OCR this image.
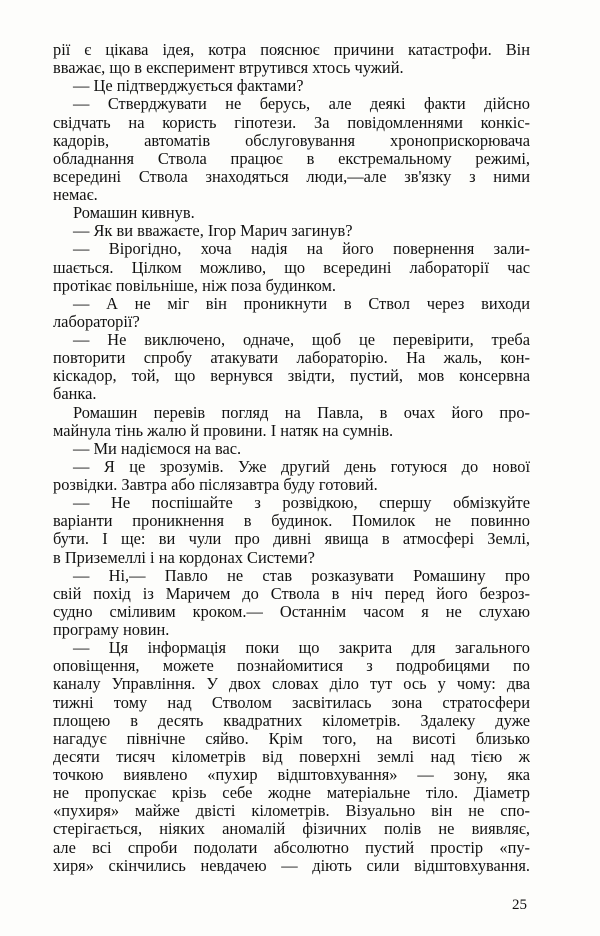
рії є цікава ідея, котра пояснює причини катастрофи. Він
вважає, що в експеримент втрутився хтось чужий.
— Це підтверджується фактами?
— Стверджувати не берусь, але деякі факти дійсно
свідчать на користь гіпотези. За повідомленнями конкіс-
кадорів, автоматів обслуговування хроноприскорювача
обладнання Ствола працює в екстремальному режимі,
всередині Ствола знаходяться люди,—але зв'язку з ними
немає.
Ромашин кивнув.
— Як ви вважаєте, Ігор Марич загинув?
— Вірогідно, хоча надія на його повернення зали-
шається. Цілком можливо, що всередині лабораторії час
протікає повільніше, ніж поза будинком.
— А не міг він проникнути в Ствол через виходи
лабораторії?
— Не виключено, одначе, щоб це перевірити, треба
повторити спробу атакувати лабораторію. На жаль, кон-
кіскадор, той, що вернувся звідти, пустий, мов консервна
банка.
Ромашин перевів погляд на Павла, в очах його про-
майнула тінь жалю й провини. І натяк на сумнів.
— Ми надіємося на вас.
— Я це зрозумів. Уже другий день готуюся до нової
розвідки. Завтра або післязавтра буду готовий.
— Не поспішайте з розвідкою, спершу обмізкуйте
варіанти проникнення в будинок. Помилок не повинно
бути. І ще: ви чули про дивні явища в атмосфері Землі,
в Приземеллі і на кордонах Системи?
— Ні,— Павло не став розказувати Ромашину про
свій похід із Маричем до Ствола в ніч перед його безроз-
судно сміливим кроком.— Останнім часом я не слухаю
програму новин.
— Ця інформація поки що закрита для загального
оповіщення, можете познайомитися з подробицями по
каналу Управління. У двох словах діло тут ось у чому: два
тижні тому над Стволом засвітилась зона стратосфери
площею в десять квадратних кілометрів. Здалеку дуже
нагадує північне сяйво. Крім того, на висоті близько
десяти тисяч кілометрів від поверхні землі над тією ж
точкою виявлено «пухир відштовхування» — зону, яка
не пропускає крізь себе жодне матеріальне тіло. Діаметр
«пухиря» майже двісті кілометрів. Візуально він не спо-
стерігається, ніяких аномалій фізичних полів не виявляє,
але всі спроби подолати абсолютно пустий простір «пу-
хиря» скінчились невдачею — діють сили відштовхування.
25
